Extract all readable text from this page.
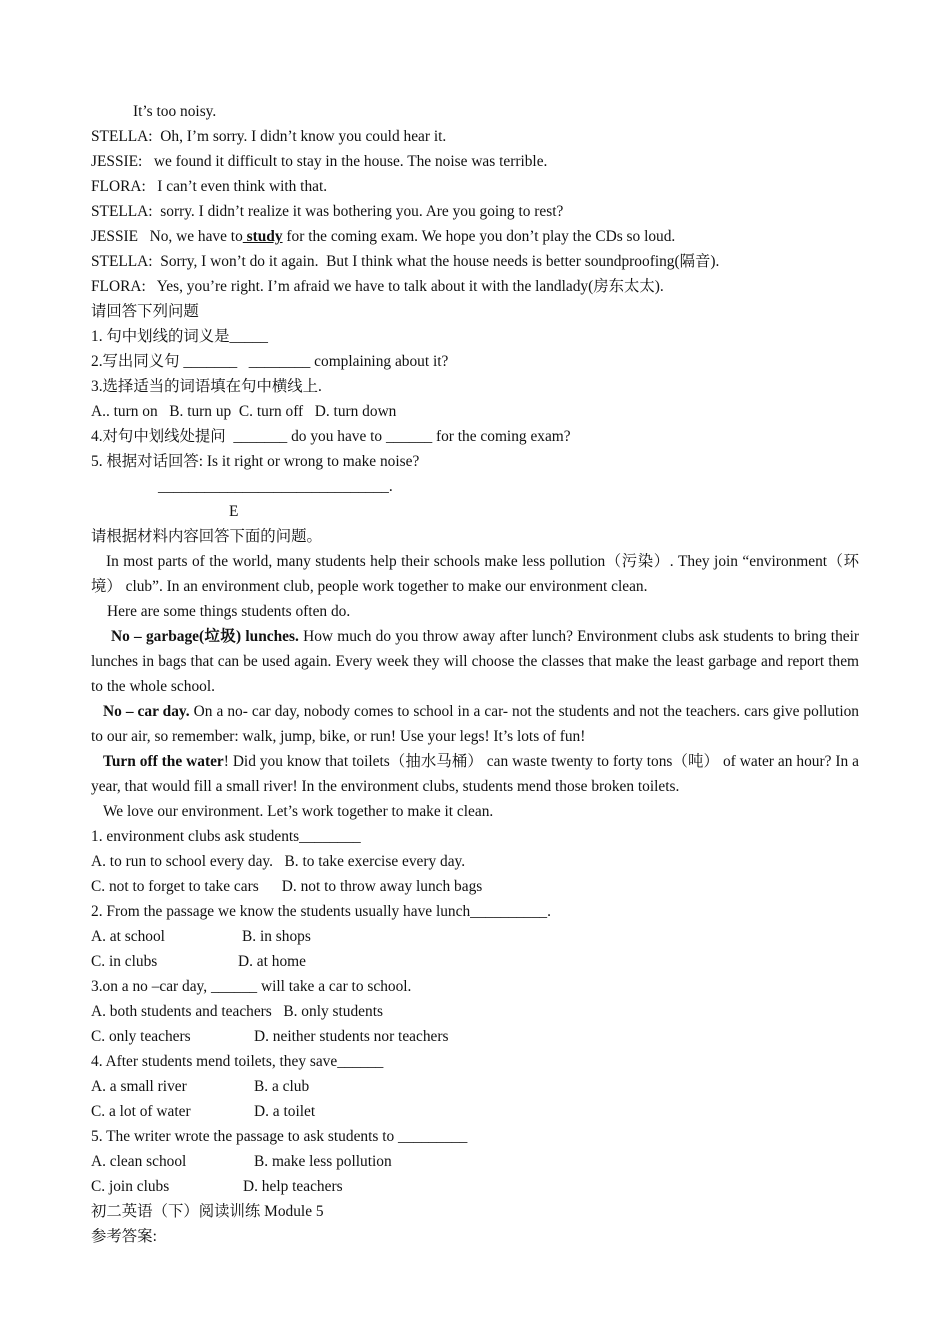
It’s too noisy.
STELLA: Oh, I’m sorry. I didn’t know you could hear it.
JESSIE: we found it difficult to stay in the house. The noise was terrible.
FLORA: I can’t even think with that.
STELLA: sorry. I didn’t realize it was bothering you. Are you going to rest?
JESSIE No, we have to study for the coming exam. We hope you don’t play the CDs so loud.
STELLA: Sorry, I won’t do it again.  But I think what the house needs is better soundproofing(隔音).
FLORA: Yes, you’re right. I’m afraid we have to talk about it with the landlady(房东太太).
请回答下列问题
1. 句中划线的词义是_____
2.写出同义句 _______   ________ complaining about it?
3.选择适当的词语填在句中横线上.
A.. turn on   B. turn up  C. turn off   D. turn down
4.对句中划线处提问  _______ do you have to ______ for the coming exam?
5. 根据对话回答: Is it right or wrong to make noise?
______________________________.
E
请根据材料内容回答下面的问题。
In most parts of the world, many students help their schools make less pollution（污染）. They join “environment（环境） club”. In an environment club, people work together to make our environment clean.
Here are some things students often do.
No – garbage(垃圾) lunches. How much do you throw away after lunch? Environment clubs ask students to bring their lunches in bags that can be used again. Every week they will choose the classes that make the least garbage and report them to the whole school.
No – car day. On a no- car day, nobody comes to school in a car- not the students and not the teachers. cars give pollution to our air, so remember: walk, jump, bike, or run! Use your legs! It’s lots of fun!
Turn off the water! Did you know that toilets（抽水马桶） can waste twenty to forty tons（吨） of water an hour? In a year, that would fill a small river! In the environment clubs, students mend those broken toilets.
We love our environment. Let’s work together to make it clean.
1. environment clubs ask students________
A. to run to school every day. B. to take exercise every day.
C. not to forget to take cars D. not to throw away lunch bags
2. From the passage we know the students usually have lunch__________.
A. at school	B. in shops
C. in clubs	D. at home
3.on a no –car day, ______ will take a car to school.
A. both students and teachers B. only students
C. only teachers	D. neither students nor teachers
4. After students mend toilets, they save______
A. a small river	B. a club
C. a lot of water	D. a toilet
5. The writer wrote the passage to ask students to _________
A. clean school	B. make less pollution
C. join clubs	D. help teachers
初二英语（下）阅读训练 Module 5
参考答案:
